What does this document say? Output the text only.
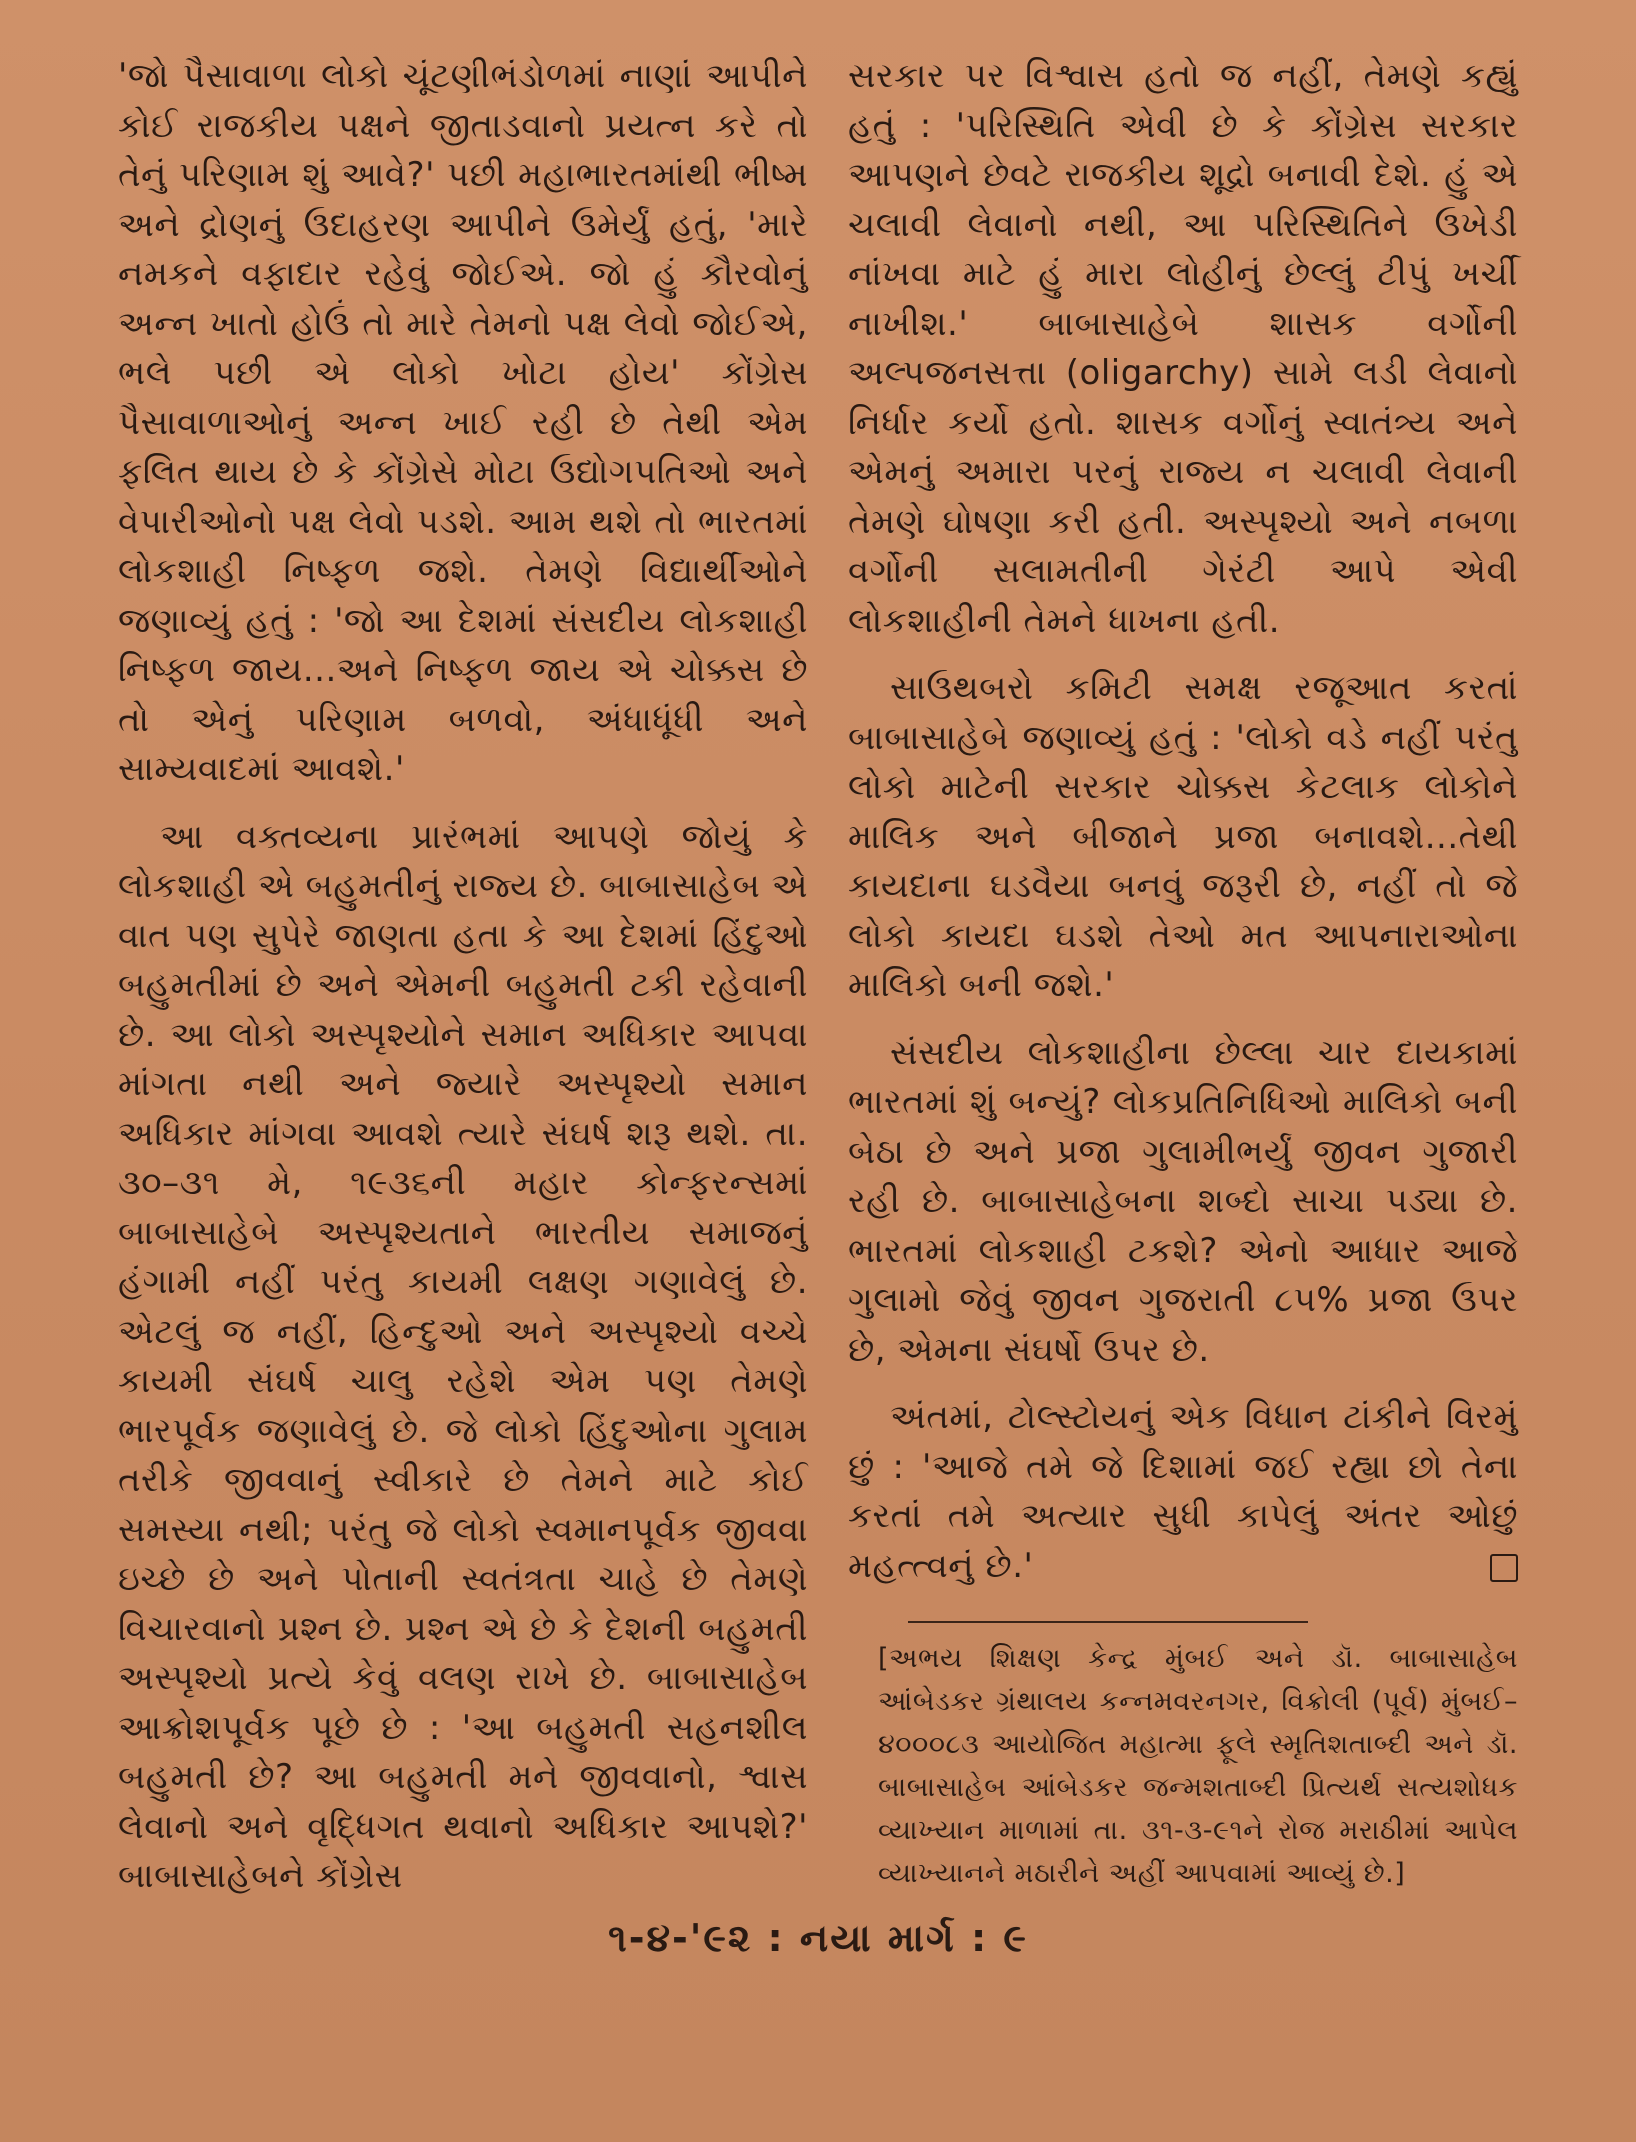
'જો પૈસાવાળા લોકો ચૂંટણીભંડોળમાં નાણાં આપીને કોઈ રાજકીય પક્ષને જીતાડવાનો પ્રયત્ન કરે તો તેનું પરિણામ શું આવે?' પછી મહાભારતમાંથી ભીષ્મ અને દ્રોણનું ઉદાહરણ આપીને ઉમેર્યું હતું, 'મારે નમકને વફાદાર રહેવું જોઈએ. જો હું કૌરવોનું અન્ન ખાતો હોઉં તો મારે તેમનો પક્ષ લેવો જોઈએ, ભલે પછી એ લોકો ખોટા હોય' કોંગ્રેસ પૈસાવાળાઓનું અન્ન ખાઈ રહી છે તેથી એમ ફલિત થાય છે કે કોંગ્રેસે મોટા ઉદ્યોગપતિઓ અને વેપારીઓનો પક્ષ લેવો પડશે. આમ થશે તો ભારતમાં લોકશાહી નિષ્ફળ જશે. તેમણે વિદ્યાર્થીઓને જણાવ્યું હતું : 'જો આ દેશમાં સંસદીય લોકશાહી નિષ્ફળ જાય...અને નિષ્ફળ જાય એ ચોક્કસ છે તો એનું પરિણામ બળવો, અંધાધૂંધી અને સામ્યવાદમાં આવશે.'

આ વક્તવ્યના પ્રારંભમાં આપણે જોયું કે લોકશાહી એ બહુમતીનું રાજ્ય છે. બાબાસાહેબ એ વાત પણ સુપેરે જાણતા હતા કે આ દેશમાં હિંદુઓ બહુમતીમાં છે અને એમની બહુમતી ટકી રહેવાની છે. આ લોકો અસ્પૃશ્યોને સમાન અધિકાર આપવા માંગતા નથી અને જ્યારે અસ્પૃશ્યો સમાન અધિકાર માંગવા આવશે ત્યારે સંઘર્ષ શરૂ થશે. તા. ૩૦–૩૧ મે, ૧૯૩૬ની મહાર કોન્ફરન્સમાં બાબાસાહેબે અસ્પૃશ્યતાને ભારતીય સમાજનું હંગામી નહીં પરંતુ કાયમી લક્ષણ ગણાવેલું છે. એટલું જ નહીં, હિન્દુઓ અને અસ્પૃશ્યો વચ્ચે કાયમી સંઘર્ષ ચાલુ રહેશે એમ પણ તેમણે ભારપૂર્વક જણાવેલું છે. જે લોકો હિંદુઓના ગુલામ તરીકે જીવવાનું સ્વીકારે છે તેમને માટે કોઈ સમસ્યા નથી; પરંતુ જે લોકો સ્વમાનપૂર્વક જીવવા ઇચ્છે છે અને પોતાની સ્વતંત્રતા ચાહે છે તેમણે વિચારવાનો પ્રશ્ન છે. પ્રશ્ન એ છે કે દેશની બહુમતી અસ્પૃશ્યો પ્રત્યે કેવું વલણ રાખે છે. બાબાસાહેબ આક્રોશપૂર્વક પૂછે છે : 'આ બહુમતી સહનશીલ બહુમતી છે? આ બહુમતી મને જીવવાનો, શ્વાસ લેવાનો અને વૃદ્ધિગત થવાનો અધિકાર આપશે?' બાબાસાહેબને કોંગ્રેસ

સરકાર પર વિશ્વાસ હતો જ નહીં, તેમણે કહ્યું હતું : 'પરિસ્થિતિ એવી છે કે કોંગ્રેસ સરકાર આપણને છેવટે રાજકીય શૂદ્રો બનાવી દેશે. હું એ ચલાવી લેવાનો નથી, આ પરિસ્થિતિને ઉખેડી નાંખવા માટે હું મારા લોહીનું છેલ્લું ટીપું ખર્ચી નાખીશ.' બાબાસાહેબે શાસક વર્ગોની અલ્પજનસત્તા (oligarchy) સામે લડી લેવાનો નિર્ધાર કર્યો હતો. શાસક વર્ગોનું સ્વાતંત્ર્ય અને એમનું અમારા પરનું રાજ્ય ન ચલાવી લેવાની તેમણે ઘોષણા કરી હતી. અસ્પૃશ્યો અને નબળા વર્ગોની સલામતીની ગેરંટી આપે એવી લોકશાહીની તેમને ધાખના હતી.

સાઉથબરો કમિટી સમક્ષ રજૂઆત કરતાં બાબાસાહેબે જણાવ્યું હતું : 'લોકો વડે નહીં પરંતુ લોકો માટેની સરકાર ચોક્કસ કેટલાક લોકોને માલિક અને બીજાને પ્રજા બનાવશે...તેથી કાયદાના ઘડવૈયા બનવું જરૂરી છે, નહીં તો જે લોકો કાયદા ઘડશે તેઓ મત આપનારાઓના માલિકો બની જશે.'

સંસદીય લોકશાહીના છેલ્લા ચાર દાયકામાં ભારતમાં શું બન્યું? લોકપ્રતિનિધિઓ માલિકો બની બેઠા છે અને પ્રજા ગુલામીભર્યું જીવન ગુજારી રહી છે. બાબાસાહેબના શબ્દો સાચા પડ્યા છે. ભારતમાં લોકશાહી ટકશે? એનો આધાર આજે ગુલામો જેવું જીવન ગુજરાતી ૮૫% પ્રજા ઉપર છે, એમના સંઘર્ષો ઉપર છે.

અંતમાં, ટોલ્સ્ટોયનું એક વિધાન ટાંકીને વિરમું છું : 'આજે તમે જે દિશામાં જઈ રહ્યા છો તેના કરતાં તમે અત્યાર સુધી કાપેલું અંતર ઓછું મહત્ત્વનું છે.'

[અભય શિક્ષણ કેન્દ્ર મુંબઈ અને ડૉ. બાબાસાહેબ આંબેડકર ગ્રંથાલય કન્નમવરનગર, વિક્રોલી (પૂર્વ) મુંબઈ–૪૦૦૦૮૩ આયોજિત મહાત્મા ફૂલે સ્મૃતિશતાબ્દી અને ડૉ. બાબાસાહેબ આંબેડકર જન્મશતાબ્દી પ્રિત્યર્થ સત્યશોધક વ્યાખ્યાન માળામાં તા. ૩૧-૩-૯૧ને રોજ મરાઠીમાં આપેલ વ્યાખ્યાનને મઠારીને અહીં આપવામાં આવ્યું છે.]

૧-૪-'૯૨ : નયા માર્ગ : ૯
